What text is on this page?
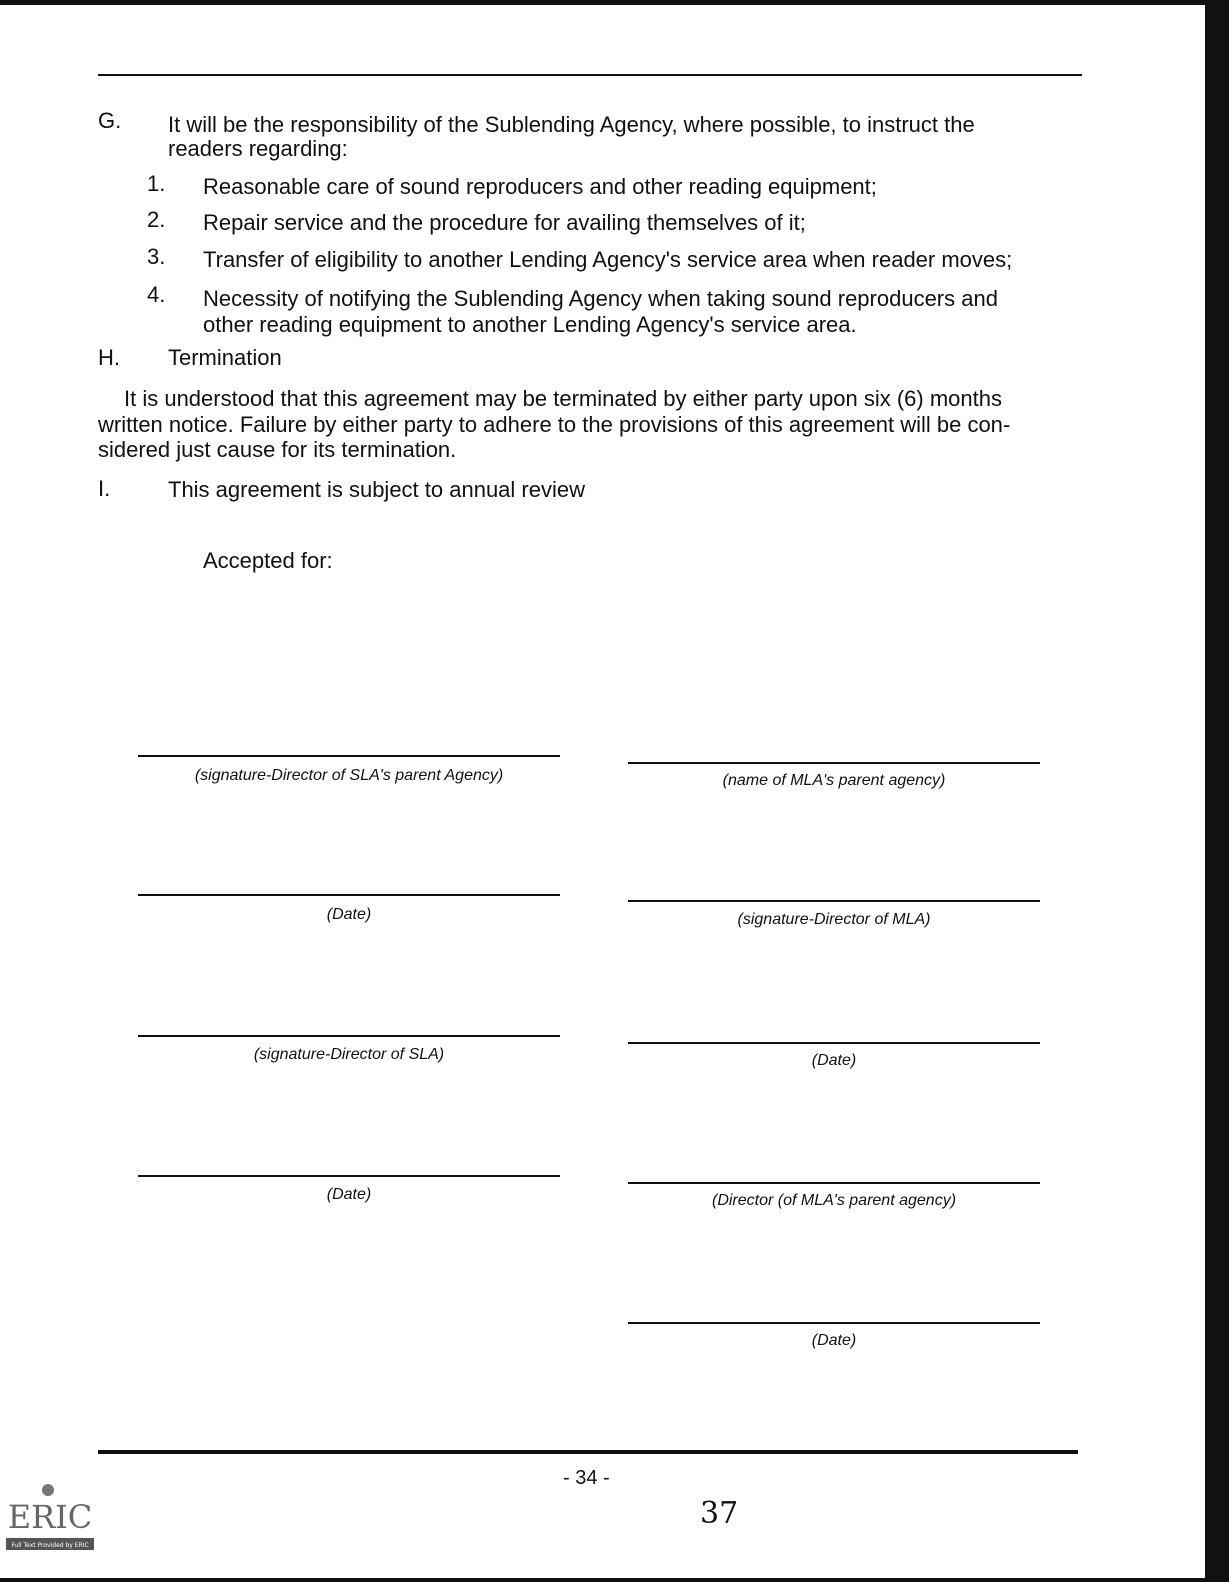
G. It will be the responsibility of the Sublending Agency, where possible, to instruct the
readers regarding:
1. Reasonable care of sound reproducers and other reading equipment;
2. Repair service and the procedure for availing themselves of it;
3. Transfer of eligibility to another Lending Agency's service area when reader moves;
4. Necessity of notifying the Sublending Agency when taking sound reproducers and
other reading equipment to another Lending Agency's service area.
H. Termination
It is understood that this agreement may be terminated by either party upon six (6) months
written notice. Failure by either party to adhere to the provisions of this agreement will be con-
sidered just cause for its termination.
I.	This agreement is subject to annual review
Accepted for:
(signature-Director of SLA's parent Agency)
(Date)
(signature-Director of SLA)
(Date)
(name of MLA's parent agency)
(signature-Director of MLA)
(Date)
(Director (of MLA's parent agency)
(Date)
- 34 -
37
ERIC
Full Text Provided by ERIC
